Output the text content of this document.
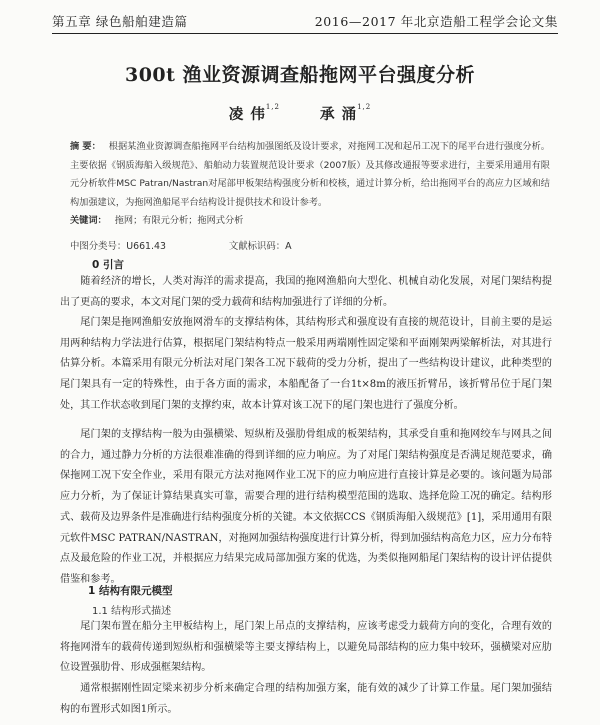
第五章 绿色船舶建造篇	2016—2017 年北京造船工程学会论文集
300t 渔业资源调查船拖网平台强度分析
凌 伟$^{1,2}$	承 涌$^{1,2}$
摘 要： 根据某渔业资源调查船拖网平台结构加强图纸及设计要求，对拖网工况和起吊工况下的尾平台进行强度分析。主要依据《钢质海船入级规范》、船舶动力装置规范设计要求（2007版）及其修改通报等要求进行，主要采用通用有限元分析软件MSC Patran/Nastran对尾部甲板架结构强度分析和校核，通过计算分析，给出拖网平台的高应力区域和结构加强建议，为拖网渔船尾平台结构设计提供技术和设计参考。
关键词： 拖网；有限元分析；拖网式分析
中图分类号：U661.43	文献标识码：A
0 引言
随着经济的增长，人类对海洋的需求提高，我国的拖网渔船向大型化、机械自动化发展，对尾门架结构提出了更高的要求，本文对尾门架的受力载荷和结构加强进行了详细的分析。
尾门架是拖网渔船安放拖网滑车的支撑结构体，其结构形式和强度设有直接的规范设计，目前主要的是运用两种结构力学法进行估算，根据尾门架结构特点一般采用两端刚性固定梁和平面刚架两梁解析法，对其进行估算分析。本篇采用有限元分析法对尾门架各工况下载荷的受力分析，提出了一些结构设计建议，此种类型的尾门架具有一定的特殊性，由于各方面的需求，本船配备了一台1t×8m的液压折臂吊，该折臂吊位于尾门架处，其工作状态收到尾门架的支撑约束，故本计算对该工况下的尾门架也进行了强度分析。
尾门架的支撑结构一般为由强横梁、短纵桁及强肋骨组成的板架结构，其承受自重和拖网绞车与网具之间的合力，通过静力分析的方法很难准确的得到详细的应力响应。为了对尾门架结构强度是否满足规范要求，确保拖网工况下安全作业，采用有限元方法对拖网作业工况下的应力响应进行直接计算是必要的。该问题为局部应力分析，为了保证计算结果真实可靠，需要合理的进行结构模型范围的选取、选择危险工况的确定。结构形式、载荷及边界条件是准确进行结构强度分析的关键。本文依据CCS《钢质海船入级规范》[1]，采用通用有限元软件MSC PATRAN/NASTRAN，对拖网加强结构强度进行计算分析，得到加强结构高危力区，应力分布特点及最危险的作业工况，并根据应力结果完成局部加强方案的优选，为类似拖网船尾门架结构的设计评估提供借鉴和参考。
1 结构有限元模型
1.1 结构形式描述
尾门架布置在船分主甲板结构上，尾门架上吊点的支撑结构，应该考虑受力载荷方向的变化，合理有效的将拖网滑车的载荷传递到短纵桁和强横梁等主要支撑结构上，以避免局部结构的应力集中较环，强横梁对应肋位设置强肋骨、形成强框架结构。
通常根据刚性固定梁来初步分析来确定合理的结构加强方案，能有效的减少了计算工作量。尾门架加强结构的布置形式如图1所示。
